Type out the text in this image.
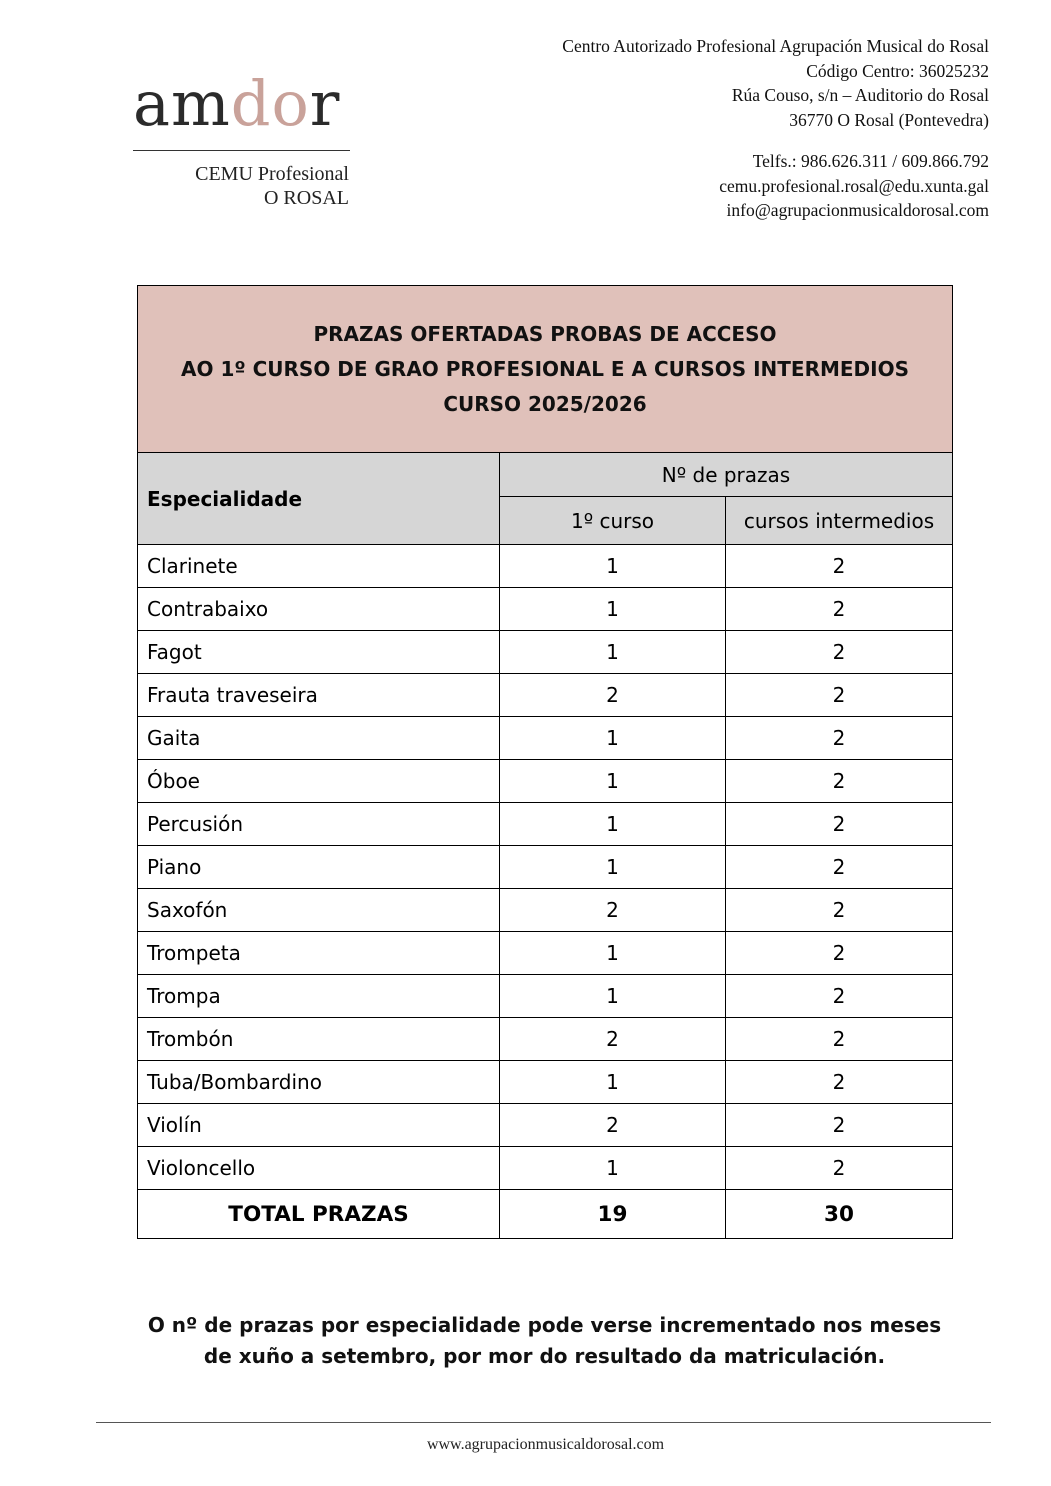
amdor
CEMU Profesional
O ROSAL
Centro Autorizado Profesional Agrupación Musical do Rosal
Código Centro: 36025232
Rúa Couso, s/n – Auditorio do Rosal
36770 O Rosal (Pontevedra)
Telfs.: 986.626.311 / 609.866.792
cemu.profesional.rosal@edu.xunta.gal
info@agrupacionmusicaldorosal.com
PRAZAS OFERTADAS PROBAS DE ACCESO
AO 1º CURSO DE GRAO PROFESIONAL E A CURSOS INTERMEDIOS
CURSO 2025/2026		

Especialidade	Nº de prazas	
	1º curso	cursos intermedios
Clarinete	1	2
Contrabaixo	1	2
Fagot	1	2
Frauta traveseira	2	2
Gaita	1	2
Óboe	1	2
Percusión	1	2
Piano	1	2
Saxofón	2	2
Trompeta	1	2
Trompa	1	2
Trombón	2	2
Tuba/Bombardino	1	2
Violín	2	2
Violoncello	1	2
TOTAL PRAZAS	19	30
O nº de prazas por especialidade pode verse incrementado nos meses
de xuño a setembro, por mor do resultado da matriculación.
www.agrupacionmusicaldorosal.com
